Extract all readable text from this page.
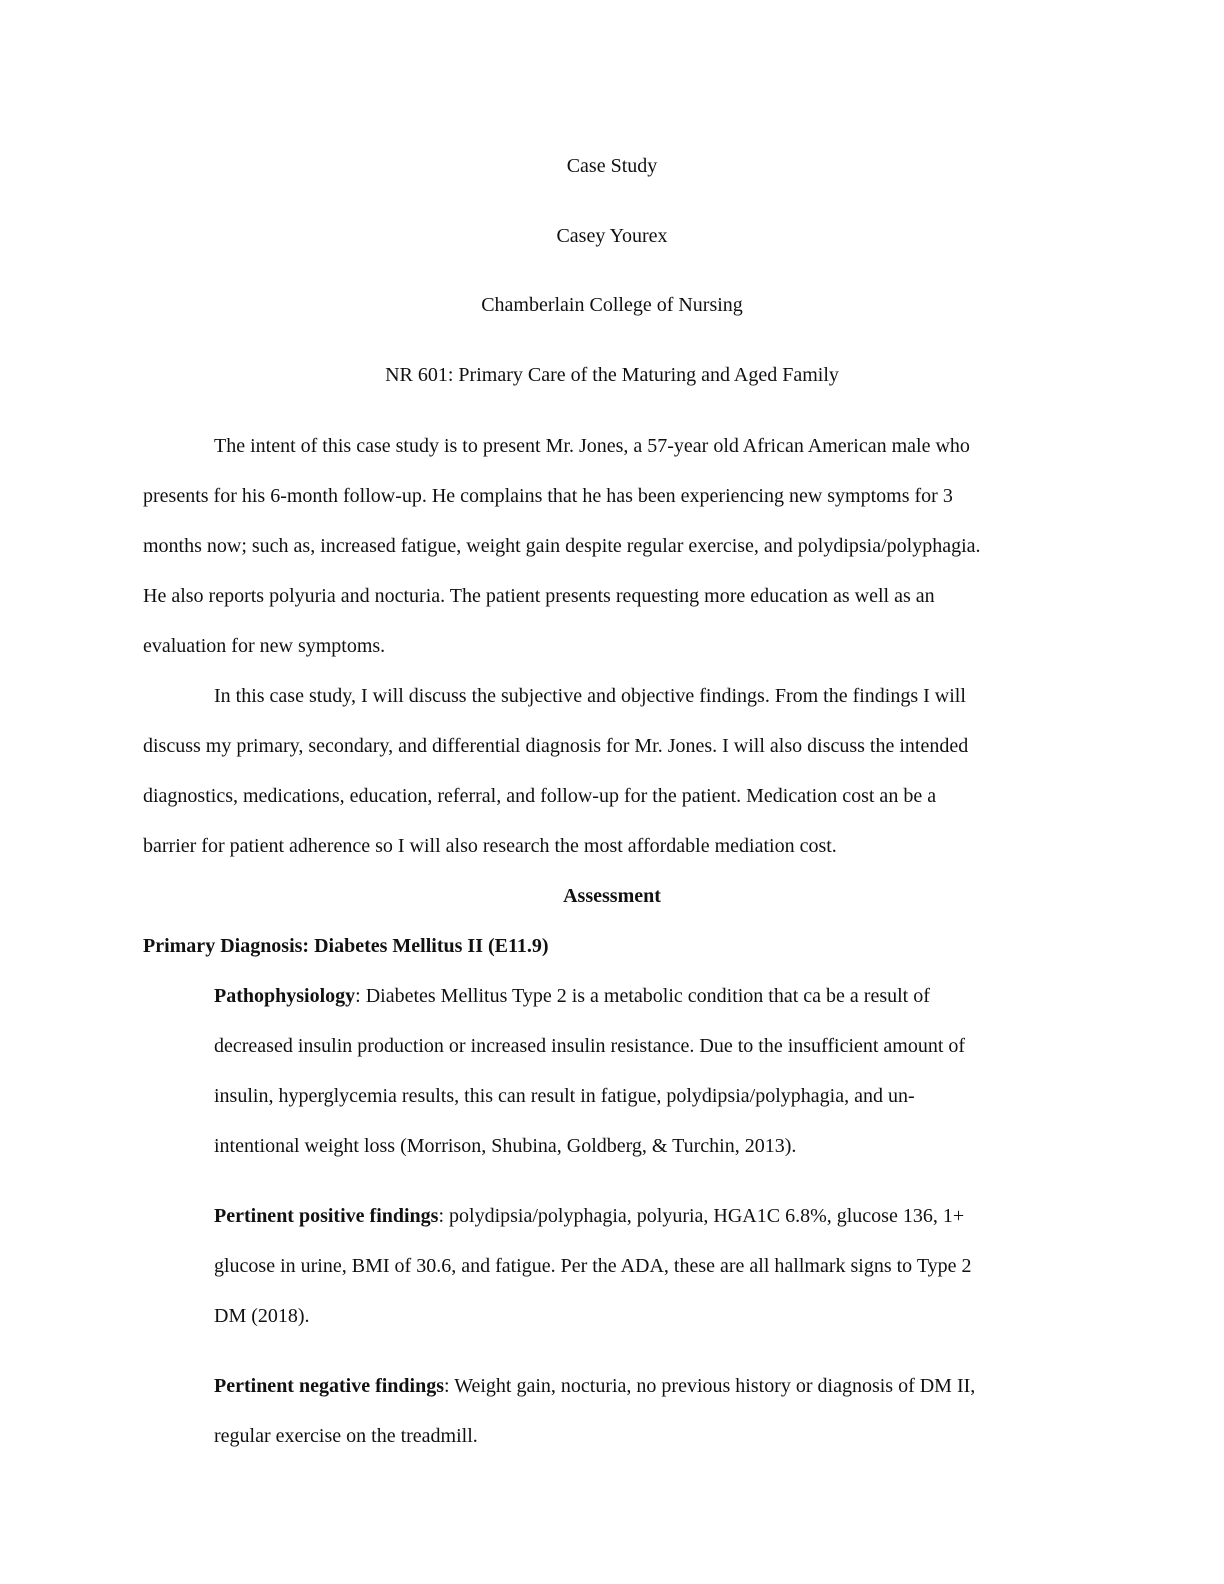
Case Study
Casey Yourex
Chamberlain College of Nursing
NR 601: Primary Care of the Maturing and Aged Family
The intent of this case study is to present Mr. Jones, a 57-year old African American male who
presents for his 6-month follow-up. He complains that he has been experiencing new symptoms for 3
months now; such as, increased fatigue, weight gain despite regular exercise, and polydipsia/polyphagia.
He also reports polyuria and nocturia. The patient presents requesting more education as well as an
evaluation for new symptoms.
In this case study, I will discuss the subjective and objective findings. From the findings I will
discuss my primary, secondary, and differential diagnosis for Mr. Jones. I will also discuss the intended
diagnostics, medications, education, referral, and follow-up for the patient. Medication cost an be a
barrier for patient adherence so I will also research the most affordable mediation cost.
Assessment
Primary Diagnosis: Diabetes Mellitus II (E11.9)
Pathophysiology: Diabetes Mellitus Type 2 is a metabolic condition that ca be a result of
decreased insulin production or increased insulin resistance. Due to the insufficient amount of
insulin, hyperglycemia results, this can result in fatigue, polydipsia/polyphagia, and un-
intentional weight loss (Morrison, Shubina, Goldberg, & Turchin, 2013).
Pertinent positive findings: polydipsia/polyphagia, polyuria, HGA1C 6.8%, glucose 136, 1+
glucose in urine, BMI of 30.6, and fatigue. Per the ADA, these are all hallmark signs to Type 2
DM (2018).
Pertinent negative findings: Weight gain, nocturia, no previous history or diagnosis of DM II,
regular exercise on the treadmill.
